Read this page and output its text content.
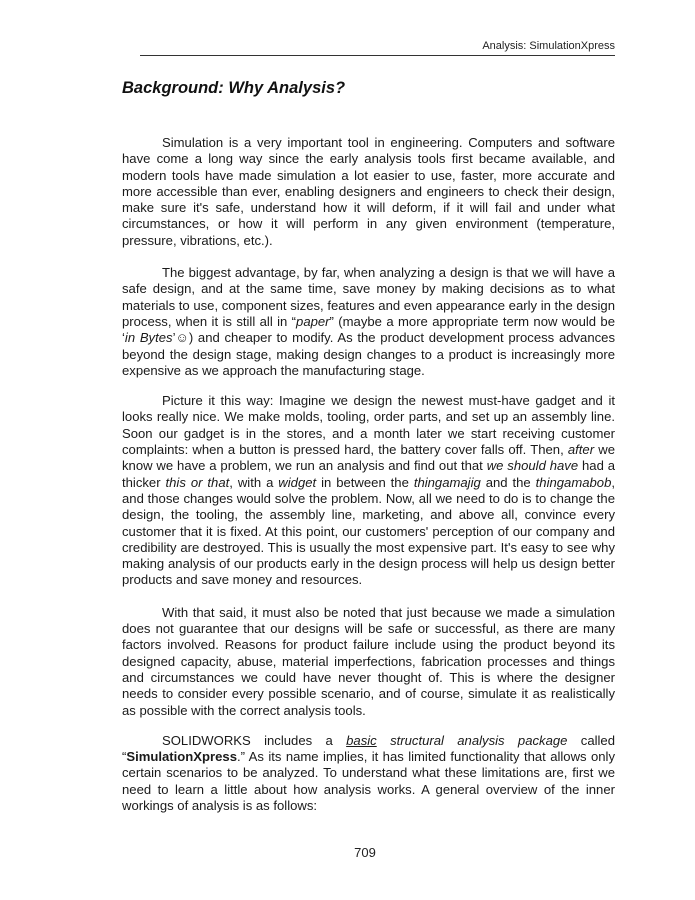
Analysis: SimulationXpress
Background: Why Analysis?

Simulation is a very important tool in engineering. Computers and software have come a long way since the early analysis tools first became available, and modern tools have made simulation a lot easier to use, faster, more accurate and more accessible than ever, enabling designers and engineers to check their design, make sure it's safe, understand how it will deform, if it will fail and under what circumstances, or how it will perform in any given environment (temperature, pressure, vibrations, etc.).

The biggest advantage, by far, when analyzing a design is that we will have a safe design, and at the same time, save money by making decisions as to what materials to use, component sizes, features and even appearance early in the design process, when it is still all in “paper” (maybe a more appropriate term now would be ‘in Bytes’☺) and cheaper to modify. As the product development process advances beyond the design stage, making design changes to a product is increasingly more expensive as we approach the manufacturing stage.

Picture it this way: Imagine we design the newest must-have gadget and it looks really nice. We make molds, tooling, order parts, and set up an assembly line. Soon our gadget is in the stores, and a month later we start receiving customer complaints: when a button is pressed hard, the battery cover falls off. Then, after we know we have a problem, we run an analysis and find out that we should have had a thicker this or that, with a widget in between the thingamajig and the thingamabob, and those changes would solve the problem. Now, all we need to do is to change the design, the tooling, the assembly line, marketing, and above all, convince every customer that it is fixed. At this point, our customers' perception of our company and credibility are destroyed. This is usually the most expensive part. It's easy to see why making analysis of our products early in the design process will help us design better products and save money and resources.

With that said, it must also be noted that just because we made a simulation does not guarantee that our designs will be safe or successful, as there are many factors involved. Reasons for product failure include using the product beyond its designed capacity, abuse, material imperfections, fabrication processes and things and circumstances we could have never thought of. This is where the designer needs to consider every possible scenario, and of course, simulate it as realistically as possible with the correct analysis tools.

SOLIDWORKS includes a basic structural analysis package called “SimulationXpress.” As its name implies, it has limited functionality that allows only certain scenarios to be analyzed. To understand what these limitations are, first we need to learn a little about how analysis works. A general overview of the inner workings of analysis is as follows:

709
